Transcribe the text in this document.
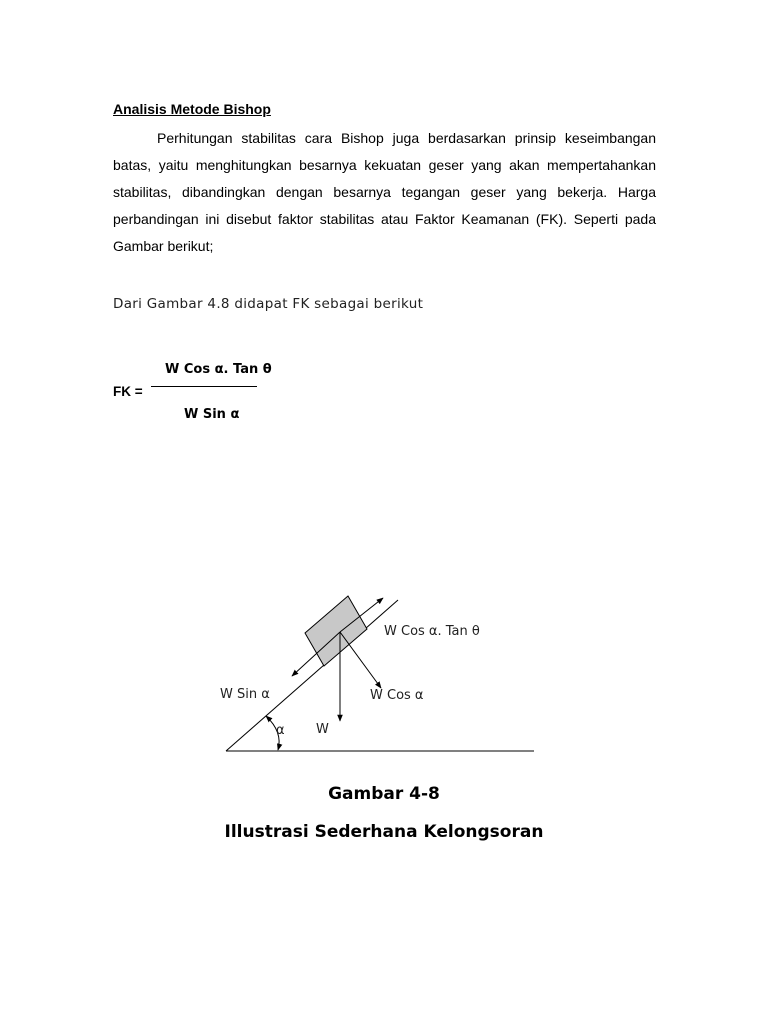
Analisis Metode Bishop
Perhitungan stabilitas cara Bishop juga berdasarkan prinsip keseimbangan batas, yaitu menghitungkan besarnya kekuatan geser yang akan mempertahankan stabilitas, dibandingkan dengan besarnya tegangan geser yang bekerja. Harga perbandingan ini disebut faktor stabilitas atau Faktor Keamanan (FK). Seperti pada Gambar berikut;
Dari Gambar 4.8 didapat FK sebagai berikut
W Cos α. Tan θ
FK =
W Sin α
W Cos α. Tan θ
W Sin α	W Cos α
α W
Gambar 4-8
Illustrasi Sederhana Kelongsoran
